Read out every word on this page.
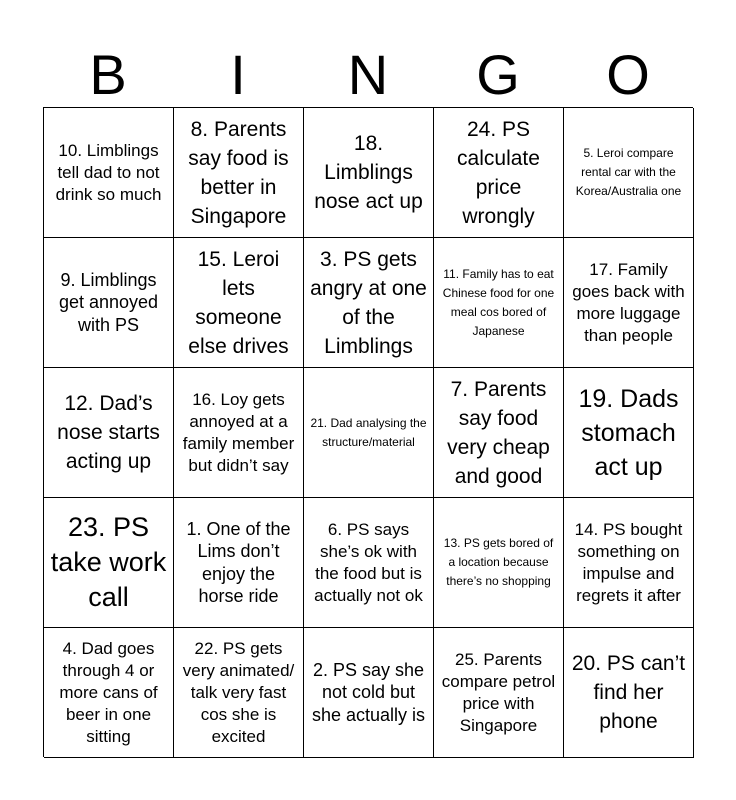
B	I	N	G	O
10. Limblings tell dad to not drink so much
8. Parents say food is better in Singapore
18. Limblings nose act up
24. PS calculate price wrongly
5. Leroi compare rental car with the Korea/Australia one
9. Limblings get annoyed with PS
15. Leroi lets someone else drives
3. PS gets angry at one of the Limblings
11. Family has to eat Chinese food for one meal cos bored of Japanese
17. Family goes back with more luggage than people
12. Dad’s nose starts acting up
16. Loy gets annoyed at a family member but didn’t say
21. Dad analysing the structure/material
7. Parents say food very cheap and good
19. Dads stomach act up
23. PS take work call
1. One of the Lims don’t enjoy the horse ride
6. PS says she’s ok with the food but is actually not ok
13. PS gets bored of a location because there’s no shopping
14. PS bought something on impulse and regrets it after
4. Dad goes through 4 or more cans of beer in one sitting
22. PS gets very animated/ talk very fast cos she is excited
2. PS say she not cold but she actually is
25. Parents compare petrol price with Singapore
20. PS can’t find her phone
